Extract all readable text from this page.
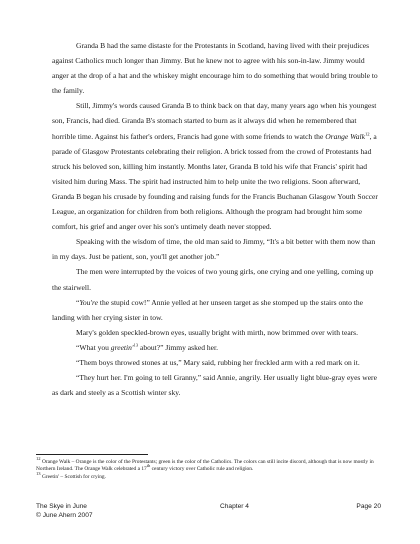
Granda B had the same distaste for the Protestants in Scotland, having lived with their prejudices against Catholics much longer than Jimmy. But he knew not to agree with his son-in-law. Jimmy would anger at the drop of a hat and the whiskey might encourage him to do something that would bring trouble to the family.

Still, Jimmy's words caused Granda B to think back on that day, many years ago when his youngest son, Francis, had died. Granda B's stomach started to burn as it always did when he remembered that horrible time. Against his father's orders, Francis had gone with some friends to watch the Orange Walk$^{12}$, a parade of Glasgow Protestants celebrating their religion. A brick tossed from the crowd of Protestants had struck his beloved son, killing him instantly. Months later, Granda B told his wife that Francis' spirit had visited him during Mass. The spirit had instructed him to help unite the two religions. Soon afterward, Granda B began his crusade by founding and raising funds for the Francis Buchanan Glasgow Youth Soccer League, an organization for children from both religions. Although the program had brought him some comfort, his grief and anger over his son's untimely death never stopped.

Speaking with the wisdom of time, the old man said to Jimmy, “It's a bit better with them now than in my days. Just be patient, son, you'll get another job.”

The men were interrupted by the voices of two young girls, one crying and one yelling, coming up the stairwell.

“You're the stupid cow!” Annie yelled at her unseen target as she stomped up the stairs onto the landing with her crying sister in tow.

Mary's golden speckled-brown eyes, usually bright with mirth, now brimmed over with tears.

“What you $greetin'^{13}$ about?” Jimmy asked her.

“Them boys throwed stones at us,” Mary said, rubbing her freckled arm with a red mark on it.

“They hurt her. I'm going to tell Granny,” said Annie, angrily. Her usually light blue-gray eyes were as dark and steely as a Scottish winter sky.

$^{12}$ Orange Walk – Orange is the color of the Protestants; green is the color of the Catholics. The colors can still incite discord, although that is now mostly in Northern Ireland. The Orange Walk celebrated a 17th century victory over Catholic rule and religion.

$^{13}$ Greetin' – Scottish for crying.

The Skye in June
© June Ahern 2007
Chapter 4	Page 20
